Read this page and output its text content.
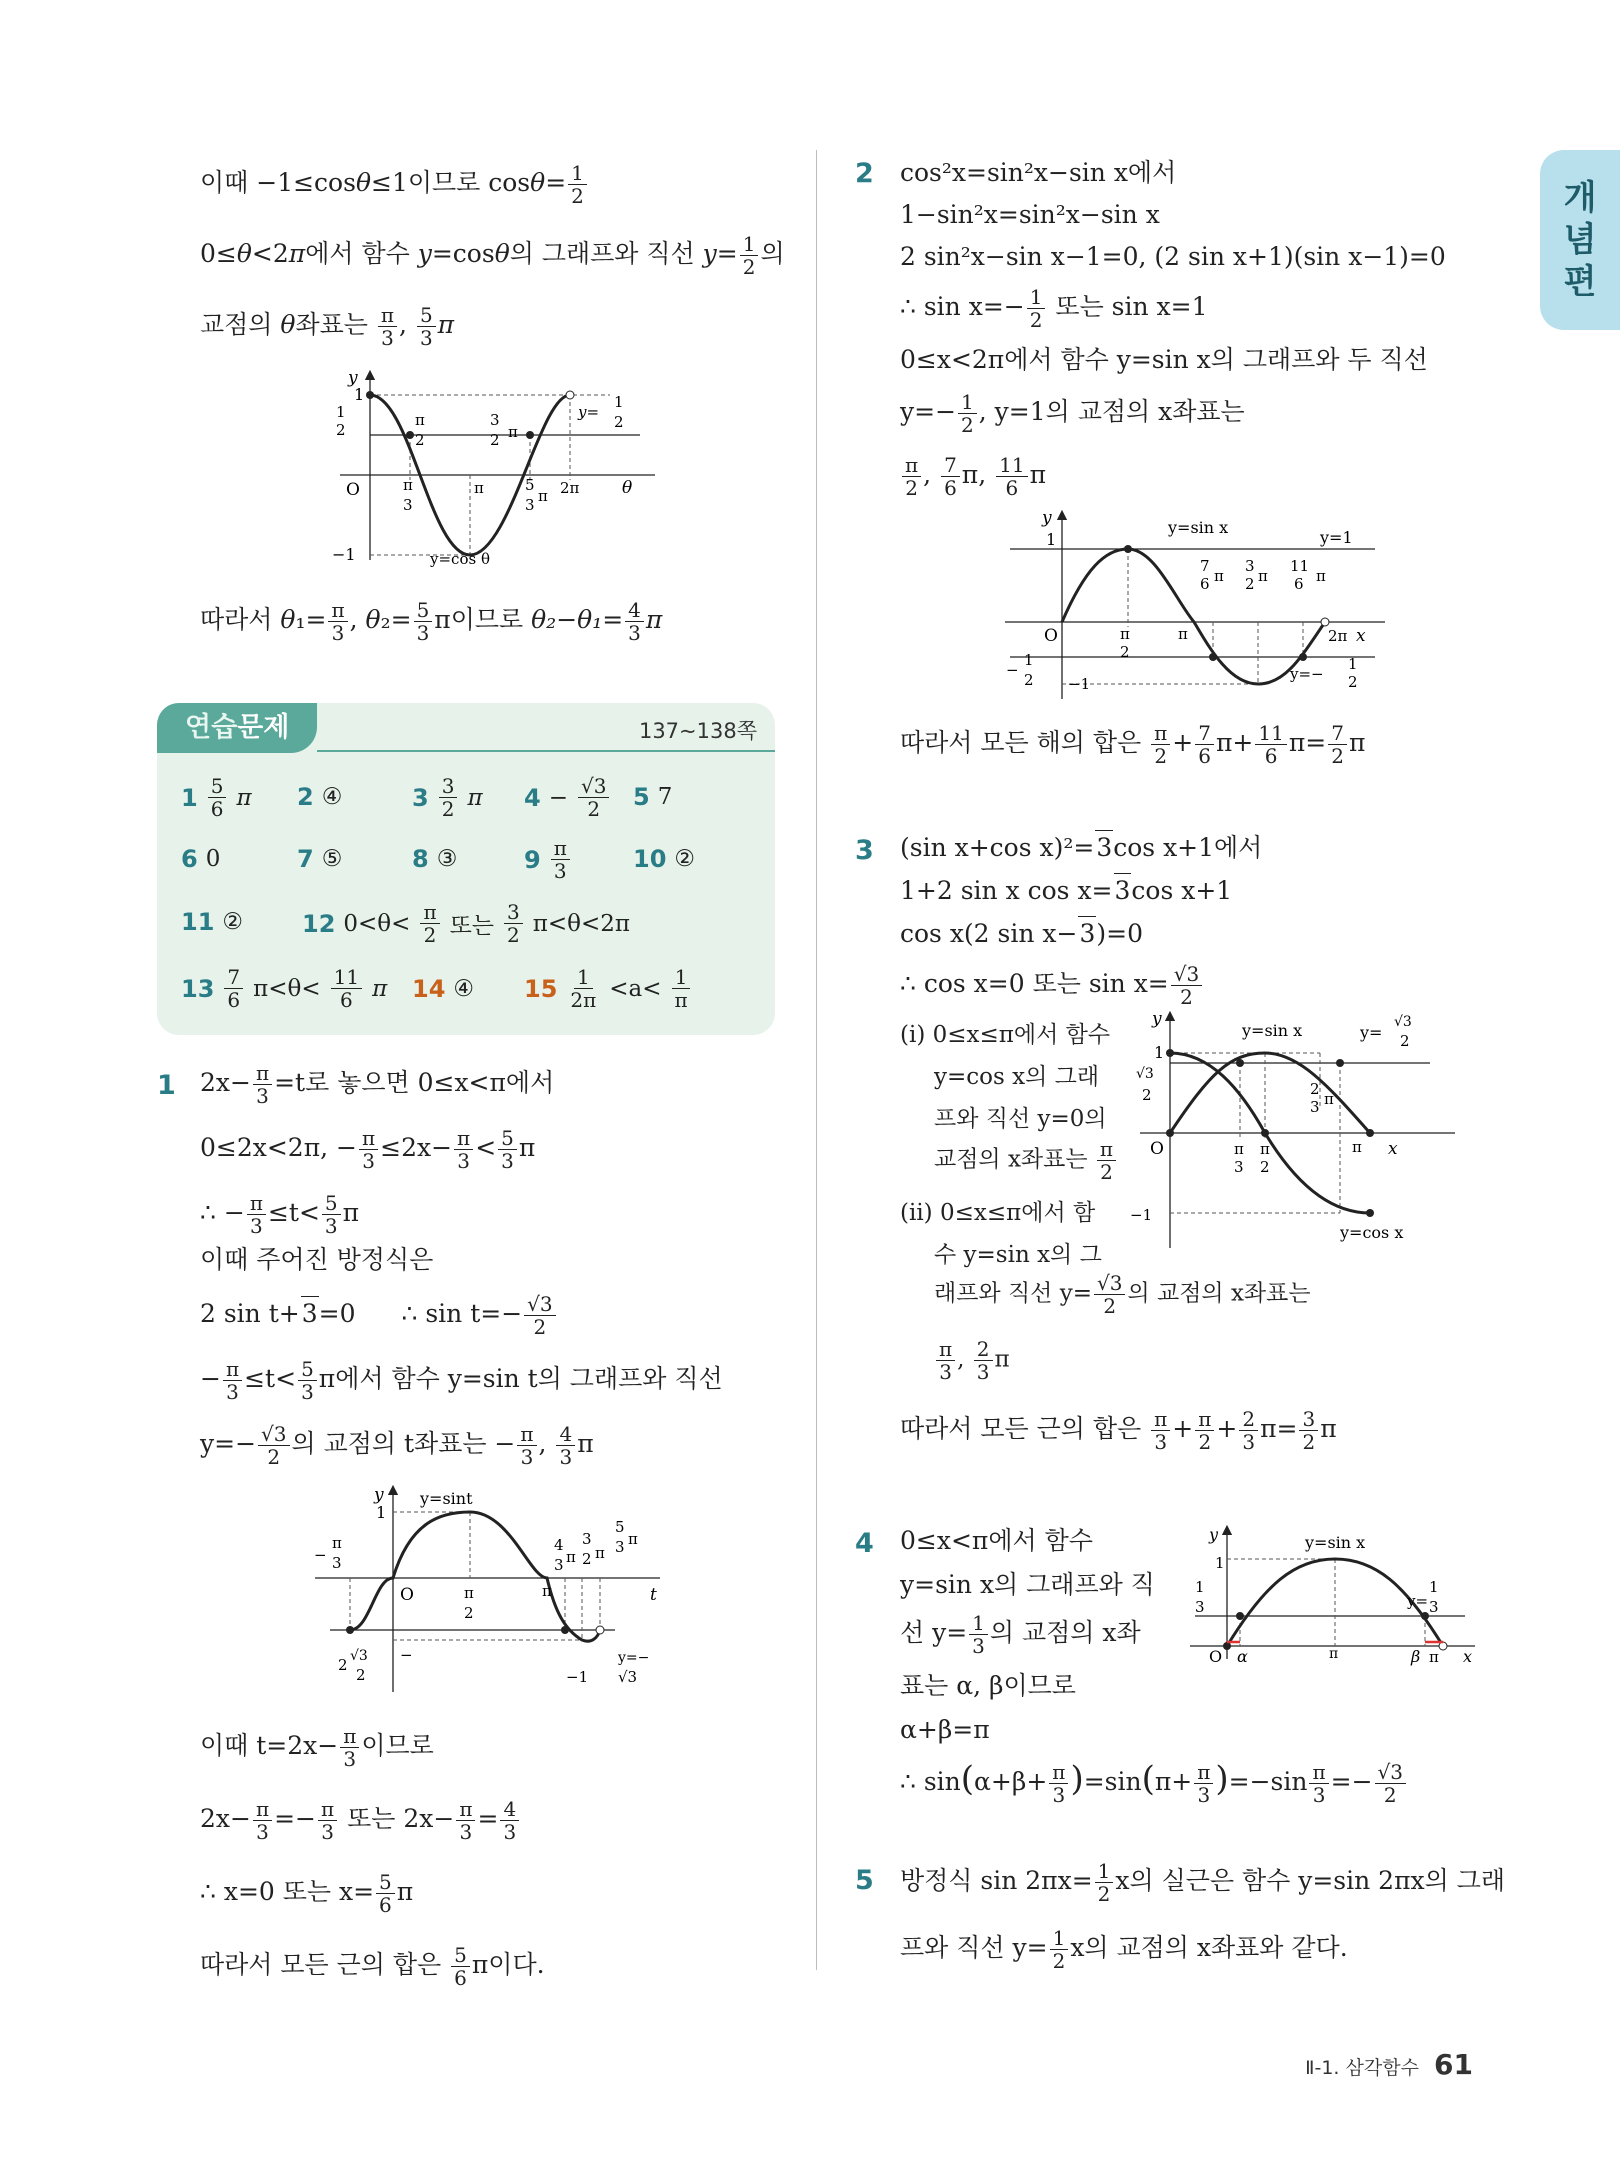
개
념
편
이때 −1≤cosθ≤1이므로 $\cos\theta= \frac{1}{2}$
0≤θ<2π에서 함수 y=cosθ의 그래프와 직선 $y= \frac{1}{2}$ 의
교점의 θ좌표는 $\frac{\pi}{3}$ , $\frac{5}{3}$ π
y
1
1
2
π
2
3
2 π
y=
1
2
O	π
3
π	5
3 π 2π	θ
−1	y=cos θ
따라서 $\theta_1= \frac{\pi}{3}$ , $\theta_2= \frac{5}{3}$ π이므로 $\theta_2-\theta_1= \frac{4}{3}$ π
연습문제	137∼138쪽
$1 \frac{5}{6}$ π 2 ④	$3 \frac{3}{2}$ π $4 - \frac{√3}{2} 5$ 7
6 0	7 ⑤	8 ③	$9 \frac{\pi}{3}$	10 ②
11 ② 12 $0<\theta< \frac{\pi}{2}$ 또는 $\frac{3}{2} \pi<\theta<2\pi$
$13 \frac{7}{6} \pi<\theta< \frac{11}{6}$ π 14 ④ $15 \frac{1}{2\pi} <a< \frac{1}{\pi}$
1 $2x- \frac{\pi}{3} =t$로 놓으면 0≤x<π에서
0≤2x<2π, − $\frac{\pi}{3} \le 2x- \frac{\pi}{3} < \frac{5}{3}$ π
∴ − $\frac{\pi}{3} \le t< \frac{5}{3}$ π
이때 주어진 방정식은
2 sin t+3=0 ∴ $\sin t=- \frac{√3}{2}$
− $\frac{\pi}{3} \le t< \frac{5}{3}$ π에서 함수 y=sin t의 그래프와 직선
$y=- \frac{√3}{2}$ 의 교점의 t좌표는 − $\frac{\pi}{3}$ , $\frac{4}{3}$ π
y
1
y=sint
−
π
3
O	π
2
π
4
3 π
3
2 π
5
3 π
t
√3
2
2
−
−1
y=−
√3
이때 $t=2x- \frac{\pi}{3}$ 이므로
$2x- \frac{\pi}{3} =- \frac{\pi}{3}$ 또는 $2x- \frac{\pi}{3} = \frac{4}{3}$
∴ x=0 또는 $x= \frac{5}{6}$ π
따라서 모든 근의 합은 $\frac{5}{6}$ π이다.
2 cos²x=sin²x−sin x에서
1−sin²x=sin²x−sin x
2 sin²x−sin x−1=0, (2 sin x+1)(sin x−1)=0
∴ $\sin x=- \frac{1}{2}$ 또는 sin x=1
0≤x<2π에서 함수 y=sin x의 그래프와 두 직선
$y=- \frac{1}{2}$ , y=1의 교점의 x좌표는
$\frac{\pi}{2}$ , $\frac{7}{6} \pi$, $\frac{11}{6}$ π
y
1
y=sin x
y=1
7
6 π
3
2 π
11
6 π
O	π
2
π	2π x
−
1
2 −1
y=−
1
2
따라서 모든 해의 합은 $\frac{\pi}{2} + \frac{7}{6} \pi+ \frac{11}{6} \pi= \frac{7}{2}$ π
3 (sin x+cos x)²=3cos x+1에서
1+2 sin x cos x=3cos x+1
cos x(2 sin x−3)=0
∴ cos x=0 또는 $\sin x= \frac{√3}{2}$
(ⅰ) 0≤x≤π에서 함수
y=cos x의 그래
프와 직선 y=0의
교점의 x좌표는 $\frac{\pi}{2}$
(ⅱ) 0≤x≤π에서 함
수 y=sin x의 그
래프와 직선 $y= \frac{√3}{2}$ 의 교점의 x좌표는
$\frac{\pi}{3}$ , $\frac{2}{3}$ π
y
1
y=sin x	y=
√3
2
√3
2	2
3 π
O	π
3
π
2
π x
−1
y=cos x
따라서 모든 근의 합은 $\frac{\pi}{3} + \frac{\pi}{2} + \frac{2}{3} \pi= \frac{3}{2}$ π
4 0≤x<π에서 함수
y=sin x의 그래프와 직
선 $y= \frac{1}{3}$ 의 교점의 x좌
표는 α, β이므로
α+β=π
∴ $\sin(\alpha+\beta+ \frac{\pi}{3} )=\sin(\pi+ \frac{\pi}{3} )=-\sin \frac{\pi}{3} =- \frac{√3}{2}$
y
1
y=sin x
1
3	y=
1
3
O α	π
2	β π x
5 방정식 $\sin 2\pi x= \frac{1}{2}$ x의 실근은 함수 y=sin 2πx의 그래
프와 직선 $y= \frac{1}{2}$ x의 교점의 x좌표와 같다.
Ⅱ-1. 삼각함수 61
